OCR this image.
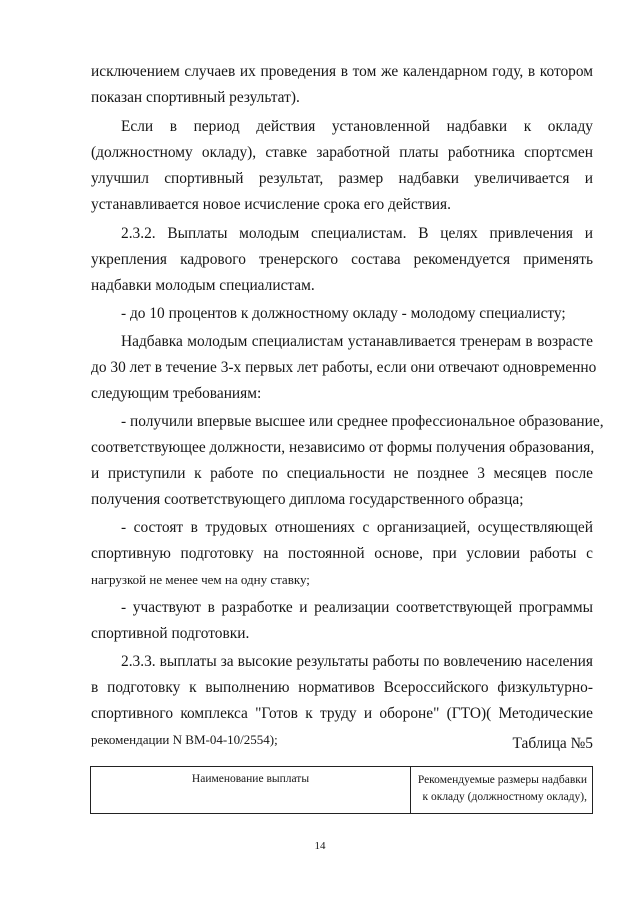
исключением случаев их проведения в том же календарном году, в котором
показан спортивный результат).
Если в период действия установленной надбавки к окладу
(должностному окладу), ставке заработной платы работника спортсмен
улучшил спортивный результат, размер надбавки увеличивается и
устанавливается новое исчисление срока его действия.
2.3.2. Выплаты молодым специалистам. В целях привлечения и
укрепления кадрового тренерского состава рекомендуется применять
надбавки молодым специалистам.
- до 10 процентов к должностному окладу - молодому специалисту;
Надбавка молодым специалистам устанавливается тренерам в возрасте
до 30 лет в течение 3-х первых лет работы, если они отвечают одновременно
следующим требованиям:
- получили впервые высшее или среднее профессиональное образование,
соответствующее должности, независимо от формы получения образования,
и приступили к работе по специальности не позднее 3 месяцев после
получения соответствующего диплома государственного образца;
- состоят в трудовых отношениях с организацией, осуществляющей
спортивную подготовку на постоянной основе, при условии работы с
нагрузкой не менее чем на одну ставку;
- участвуют в разработке и реализации соответствующей программы
спортивной подготовки.
2.3.3. выплаты за высокие результаты работы по вовлечению населения
в подготовку к выполнению нормативов Всероссийского физкультурно-
спортивного комплекса "Готов к труду и обороне" (ГТО)( Методические
рекомендации N ВМ-04-10/2554);	Таблица №5
Наименование выплаты	Рекомендуемые размеры надбавки
к окладу (должностному окладу),
14
